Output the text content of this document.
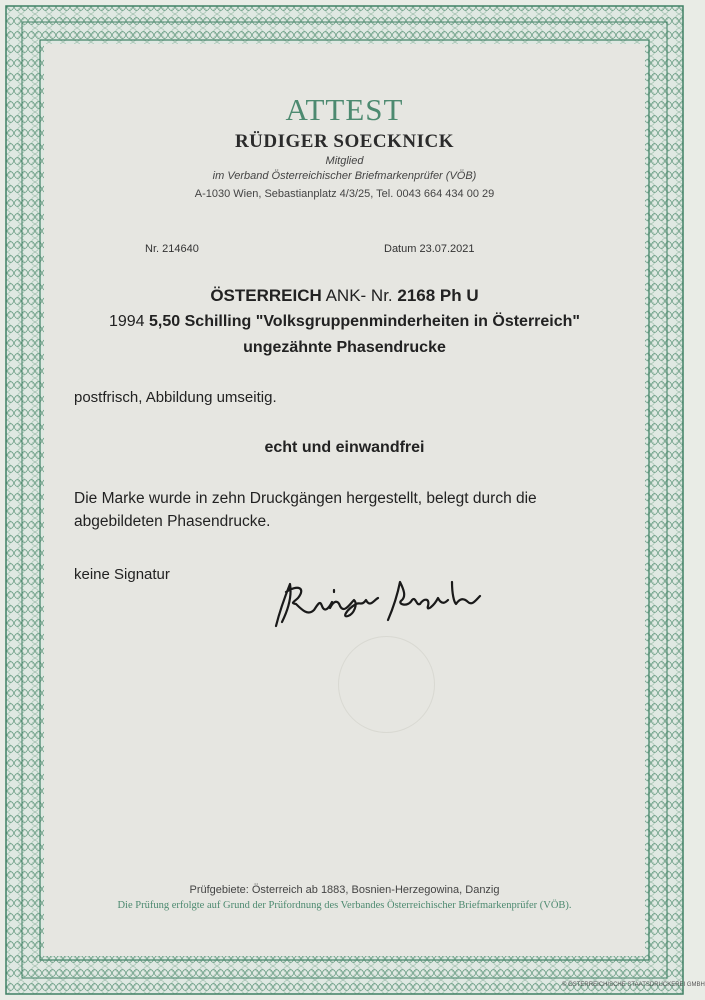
ATTEST
RÜDIGER SOECKNICK
Mitglied
im Verband Österreichischer Briefmarkenprüfer (VÖB)
A-1030 Wien, Sebastianplatz 4/3/25, Tel. 0043 664 434 00 29
Nr. 214640	Datum 23.07.2021
ÖSTERREICH ANK- Nr. 2168 Ph U
1994 5,50 Schilling "Volksgruppenminderheiten in Österreich"
ungezähnte Phasendrucke
postfrisch, Abbildung umseitig.
echt und einwandfrei
Die Marke wurde in zehn Druckgängen hergestellt, belegt durch die
abgebildeten Phasendrucke.
keine Signatur
Prüfgebiete: Österreich ab 1883, Bosnien-Herzegowina, Danzig
Die Prüfung erfolgte auf Grund der Prüfordnung des Verbandes Österreichischer Briefmarkenprüfer (VÖB).
© ÖSTERREICHISCHE STAATSDRUCKEREI GMBH
